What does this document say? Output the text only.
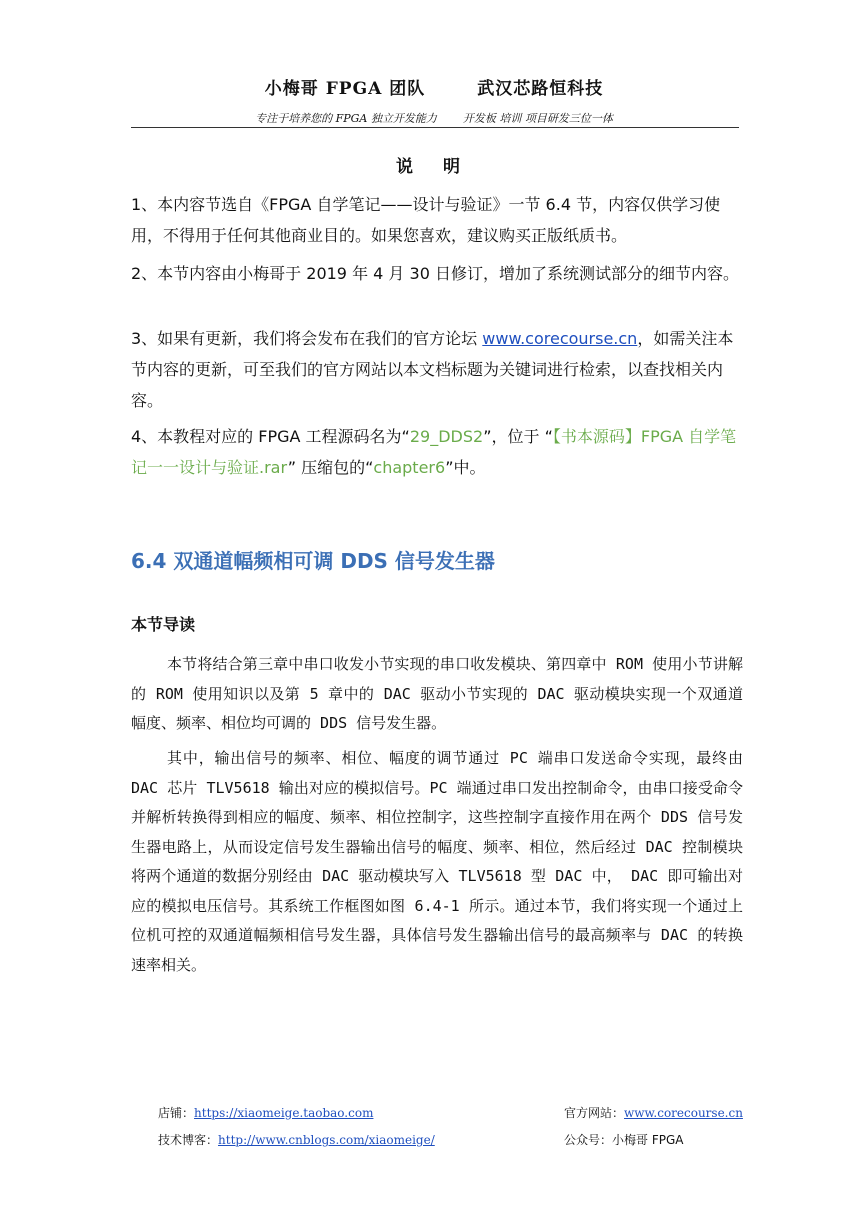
小梅哥 FPGA 团队	武汉芯路恒科技
专注于培养您的 FPGA 独立开发能力 开发板 培训 项目研发三位一体
说 明
1、本内容节选自《FPGA 自学笔记——设计与验证》一节 6.4 节，内容仅供学习使用，不得用于任何其他商业目的。如果您喜欢，建议购买正版纸质书。
2、本节内容由小梅哥于 2019 年 4 月 30 日修订，增加了系统测试部分的细节内容。
3、如果有更新，我们将会发布在我们的官方论坛 www.corecourse.cn，如需关注本节内容的更新，可至我们的官方网站以本文档标题为关键词进行检索，以查找相关内容。
4、本教程对应的 FPGA 工程源码名为“29_DDS2”，位于 “【书本源码】FPGA 自学笔记一一设计与验证.rar” 压缩包的“chapter6”中。
6.4 双通道幅频相可调 DDS 信号发生器
本节导读
本节将结合第三章中串口收发小节实现的串口收发模块、第四章中 ROM 使用小节讲解的 ROM 使用知识以及第 5 章中的 DAC 驱动小节实现的 DAC 驱动模块实现一个双通道幅度、频率、相位均可调的 DDS 信号发生器。
其中，输出信号的频率、相位、幅度的调节通过 PC 端串口发送命令实现，最终由 DAC 芯片 TLV5618 输出对应的模拟信号。PC 端通过串口发出控制命令，由串口接受命令并解析转换得到相应的幅度、频率、相位控制字，这些控制字直接作用在两个 DDS 信号发生器电路上，从而设定信号发生器输出信号的幅度、频率、相位，然后经过 DAC 控制模块将两个通道的数据分别经由 DAC 驱动模块写入 TLV5618 型 DAC 中， DAC 即可输出对应的模拟电压信号。其系统工作框图如图 6.4-1 所示。通过本节，我们将实现一个通过上位机可控的双通道幅频相信号发生器，具体信号发生器输出信号的最高频率与 DAC 的转换速率相关。
店铺：https://xiaomeige.taobao.com	官方网站：www.corecourse.cn
技术博客：http://www.cnblogs.com/xiaomeige/	公众号：小梅哥 FPGA
